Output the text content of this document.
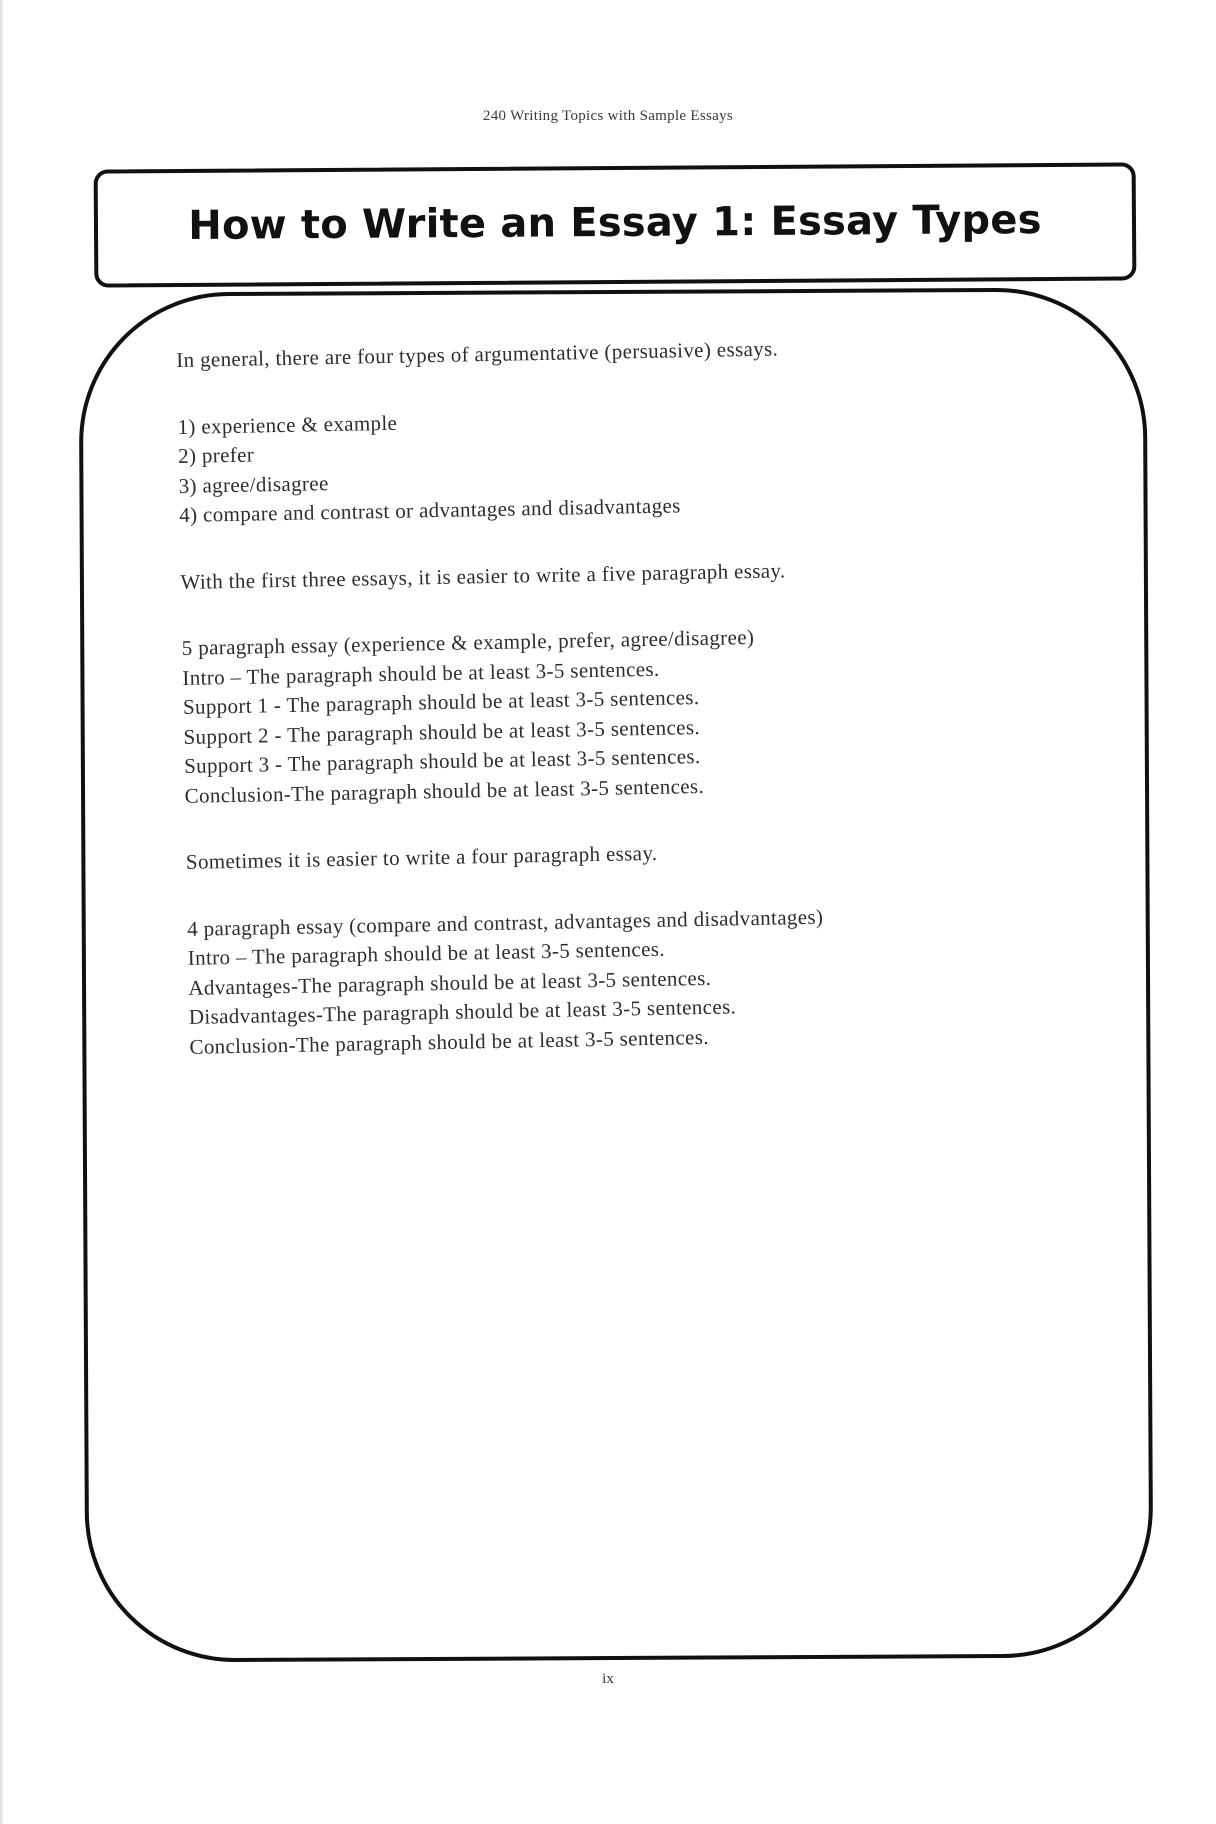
240 Writing Topics with Sample Essays
How to Write an Essay 1: Essay Types

In general, there are four types of argumentative (persuasive) essays.

1) experience & example

2) prefer

3) agree/disagree

4) compare and contrast or advantages and disadvantages

With the first three essays, it is easier to write a five paragraph essay.

5 paragraph essay (experience & example, prefer, agree/disagree)

Intro – The paragraph should be at least 3-5 sentences.

Support 1 - The paragraph should be at least 3-5 sentences.

Support 2 - The paragraph should be at least 3-5 sentences.

Support 3 - The paragraph should be at least 3-5 sentences.

Conclusion-The paragraph should be at least 3-5 sentences.

Sometimes it is easier to write a four paragraph essay.

4 paragraph essay (compare and contrast, advantages and disadvantages)

Intro – The paragraph should be at least 3-5 sentences.

Advantages-The paragraph should be at least 3-5 sentences.

Disadvantages-The paragraph should be at least 3-5 sentences.

Conclusion-The paragraph should be at least 3-5 sentences.

ix
